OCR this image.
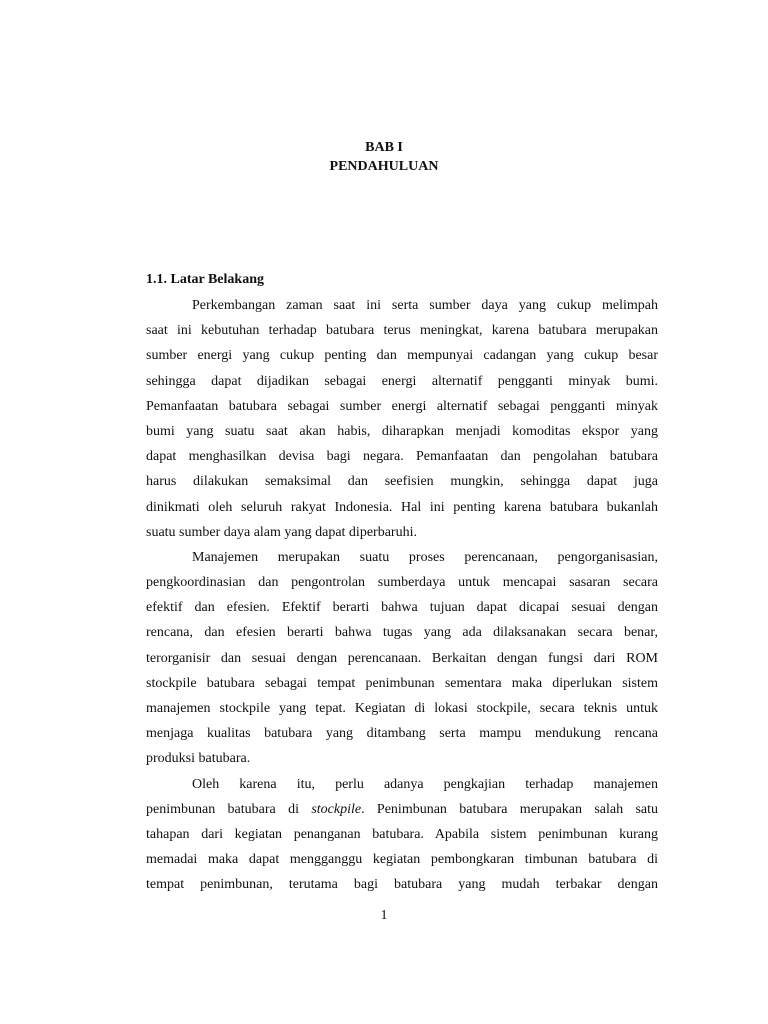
BAB I
PENDAHULUAN
1.1. Latar Belakang
Perkembangan zaman saat ini serta sumber daya yang cukup melimpah
saat ini kebutuhan terhadap batubara terus meningkat, karena batubara merupakan
sumber energi yang cukup penting dan mempunyai cadangan yang cukup besar
sehingga dapat dijadikan sebagai energi alternatif pengganti minyak bumi.
Pemanfaatan batubara sebagai sumber energi alternatif sebagai pengganti minyak
bumi yang suatu saat akan habis, diharapkan menjadi komoditas ekspor yang
dapat menghasilkan devisa bagi negara. Pemanfaatan dan pengolahan batubara
harus dilakukan semaksimal dan seefisien mungkin, sehingga dapat juga
dinikmati oleh seluruh rakyat Indonesia. Hal ini penting karena batubara bukanlah
suatu sumber daya alam yang dapat diperbaruhi.
Manajemen merupakan suatu proses perencanaan, pengorganisasian,
pengkoordinasian dan pengontrolan sumberdaya untuk mencapai sasaran secara
efektif dan efesien. Efektif berarti bahwa tujuan dapat dicapai sesuai dengan
rencana, dan efesien berarti bahwa tugas yang ada dilaksanakan secara benar,
terorganisir dan sesuai dengan perencanaan. Berkaitan dengan fungsi dari ROM
stockpile batubara sebagai tempat penimbunan sementara maka diperlukan sistem
manajemen stockpile yang tepat. Kegiatan di lokasi stockpile, secara teknis untuk
menjaga kualitas batubara yang ditambang serta mampu mendukung rencana
produksi batubara.
Oleh karena itu, perlu adanya pengkajian terhadap manajemen
penimbunan batubara di stockpile. Penimbunan batubara merupakan salah satu
tahapan dari kegiatan penanganan batubara. Apabila sistem penimbunan kurang
memadai maka dapat mengganggu kegiatan pembongkaran timbunan batubara di
tempat penimbunan, terutama bagi batubara yang mudah terbakar dengan
1
